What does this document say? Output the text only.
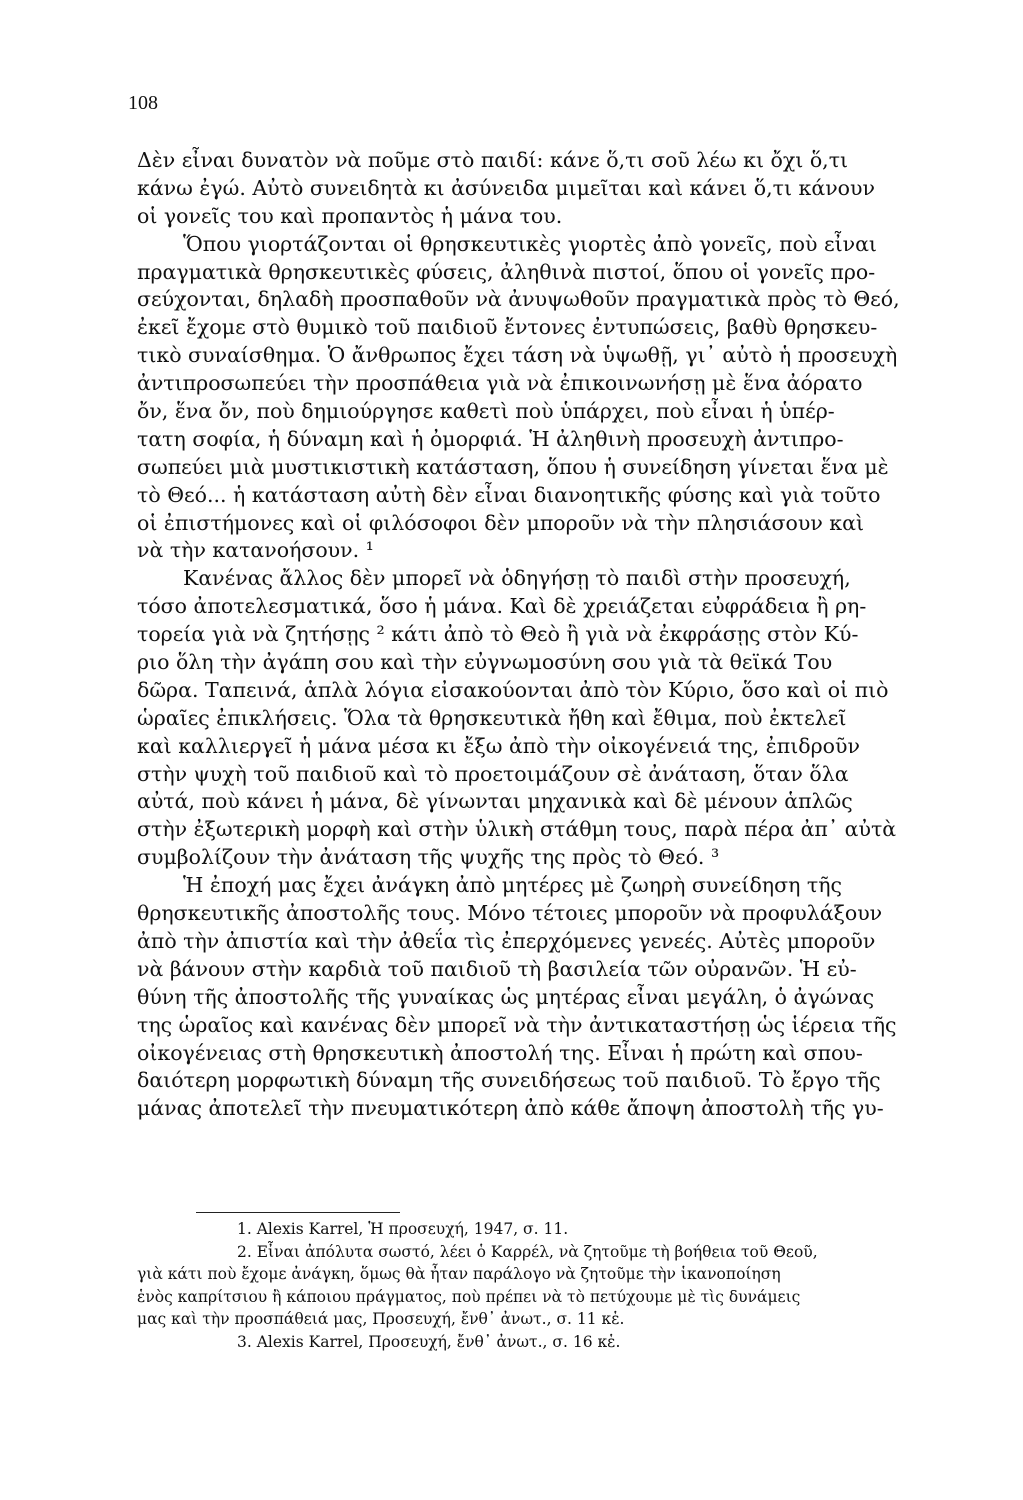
108
Δὲν εἶναι δυνατὸν νὰ ποῦμε στὸ παιδί: κάνε ὅ,τι σοῦ λέω κι ὄχι ὅ,τι
κάνω ἐγώ. Αὐτὸ συνειδητὰ κι ἀσύνειδα μιμεῖται καὶ κάνει ὅ,τι κάνουν
οἱ γονεῖς του καὶ προπαντὸς ἡ μάνα του.
Ὅπου γιορτάζονται οἱ θρησκευτικὲς γιορτὲς ἀπὸ γονεῖς, ποὺ εἶναι
πραγματικὰ θρησκευτικὲς φύσεις, ἀληθινὰ πιστοί, ὅπου οἱ γονεῖς προ-
σεύχονται, δηλαδὴ προσπαθοῦν νὰ ἀνυψωθοῦν πραγματικὰ πρὸς τὸ Θεό,
ἐκεῖ ἔχομε στὸ θυμικὸ τοῦ παιδιοῦ ἔντονες ἐντυπώσεις, βαθὺ θρησκευ-
τικὸ συναίσθημα. Ὁ ἄνθρωπος ἔχει τάση νὰ ὑψωθῇ, γι᾽ αὐτὸ ἡ προσευχὴ
ἀντιπροσωπεύει τὴν προσπάθεια γιὰ νὰ ἐπικοινωνήσῃ μὲ ἕνα ἀόρατο
ὄν, ἕνα ὄν, ποὺ δημιούργησε καθετὶ ποὺ ὑπάρχει, ποὺ εἶναι ἡ ὑπέρ-
τατη σοφία, ἡ δύναμη καὶ ἡ ὀμορφιά. Ἡ ἀληθινὴ προσευχὴ ἀντιπρο-
σωπεύει μιὰ μυστικιστικὴ κατάσταση, ὅπου ἡ συνείδηση γίνεται ἕνα μὲ
τὸ Θεό... ἡ κατάσταση αὐτὴ δὲν εἶναι διανοητικῆς φύσης καὶ γιὰ τοῦτο
οἱ ἐπιστήμονες καὶ οἱ φιλόσοφοι δὲν μποροῦν νὰ τὴν πλησιάσουν καὶ
νὰ τὴν κατανοήσουν. ¹
Κανένας ἄλλος δὲν μπορεῖ νὰ ὁδηγήσῃ τὸ παιδὶ στὴν προσευχή,
τόσο ἀποτελεσματικά, ὅσο ἡ μάνα. Καὶ δὲ χρειάζεται εὐφράδεια ἢ ρη-
τορεία γιὰ νὰ ζητήσῃς ² κάτι ἀπὸ τὸ Θεὸ ἢ γιὰ νὰ ἐκφράσῃς στὸν Κύ-
ριο ὅλη τὴν ἀγάπη σου καὶ τὴν εὐγνωμοσύνη σου γιὰ τὰ θεϊκά Του
δῶρα. Ταπεινά, ἁπλὰ λόγια εἰσακούονται ἀπὸ τὸν Κύριο, ὅσο καὶ οἱ πιὸ
ὡραῖες ἐπικλήσεις. Ὅλα τὰ θρησκευτικὰ ἤθη καὶ ἔθιμα, ποὺ ἐκτελεῖ
καὶ καλλιεργεῖ ἡ μάνα μέσα κι ἔξω ἀπὸ τὴν οἰκογένειά της, ἐπιδροῦν
στὴν ψυχὴ τοῦ παιδιοῦ καὶ τὸ προετοιμάζουν σὲ ἀνάταση, ὅταν ὅλα
αὐτά, ποὺ κάνει ἡ μάνα, δὲ γίνωνται μηχανικὰ καὶ δὲ μένουν ἁπλῶς
στὴν ἐξωτερικὴ μορφὴ καὶ στὴν ὑλικὴ στάθμη τους, παρὰ πέρα ἀπ᾽ αὐτὰ
συμβολίζουν τὴν ἀνάταση τῆς ψυχῆς της πρὸς τὸ Θεό. ³
Ἡ ἐποχή μας ἔχει ἀνάγκη ἀπὸ μητέρες μὲ ζωηρὴ συνείδηση τῆς
θρησκευτικῆς ἀποστολῆς τους. Μόνο τέτοιες μποροῦν νὰ προφυλάξουν
ἀπὸ τὴν ἀπιστία καὶ τὴν ἀθεΐα τὶς ἐπερχόμενες γενεές. Αὐτὲς μποροῦν
νὰ βάνουν στὴν καρδιὰ τοῦ παιδιοῦ τὴ βασιλεία τῶν οὐρανῶν. Ἡ εὐ-
θύνη τῆς ἀποστολῆς τῆς γυναίκας ὡς μητέρας εἶναι μεγάλη, ὁ ἀγώνας
της ὡραῖος καὶ κανένας δὲν μπορεῖ νὰ τὴν ἀντικαταστήσῃ ὡς ἱέρεια τῆς
οἰκογένειας στὴ θρησκευτικὴ ἀποστολή της. Εἶναι ἡ πρώτη καὶ σπου-
δαιότερη μορφωτικὴ δύναμη τῆς συνειδήσεως τοῦ παιδιοῦ. Τὸ ἔργο τῆς
μάνας ἀποτελεῖ τὴν πνευματικότερη ἀπὸ κάθε ἄποψη ἀποστολὴ τῆς γυ-
1. Alexis Karrel, Ἡ προσευχή, 1947, σ. 11.
2. Εἶναι ἀπόλυτα σωστό, λέει ὁ Καρρέλ, νὰ ζητοῦμε τὴ βοήθεια τοῦ Θεοῦ,
γιὰ κάτι ποὺ ἔχομε ἀνάγκη, ὅμως θὰ ἦταν παράλογο νὰ ζητοῦμε τὴν ἱκανοποίηση
ἑνὸς καπρίτσιου ἢ κάποιου πράγματος, ποὺ πρέπει νὰ τὸ πετύχουμε μὲ τὶς δυνάμεις
μας καὶ τὴν προσπάθειά μας, Προσευχή, ἔνθ᾽ ἀνωτ., σ. 11 κἑ.
3. Alexis Karrel, Προσευχή, ἔνθ᾽ ἀνωτ., σ. 16 κἑ.
